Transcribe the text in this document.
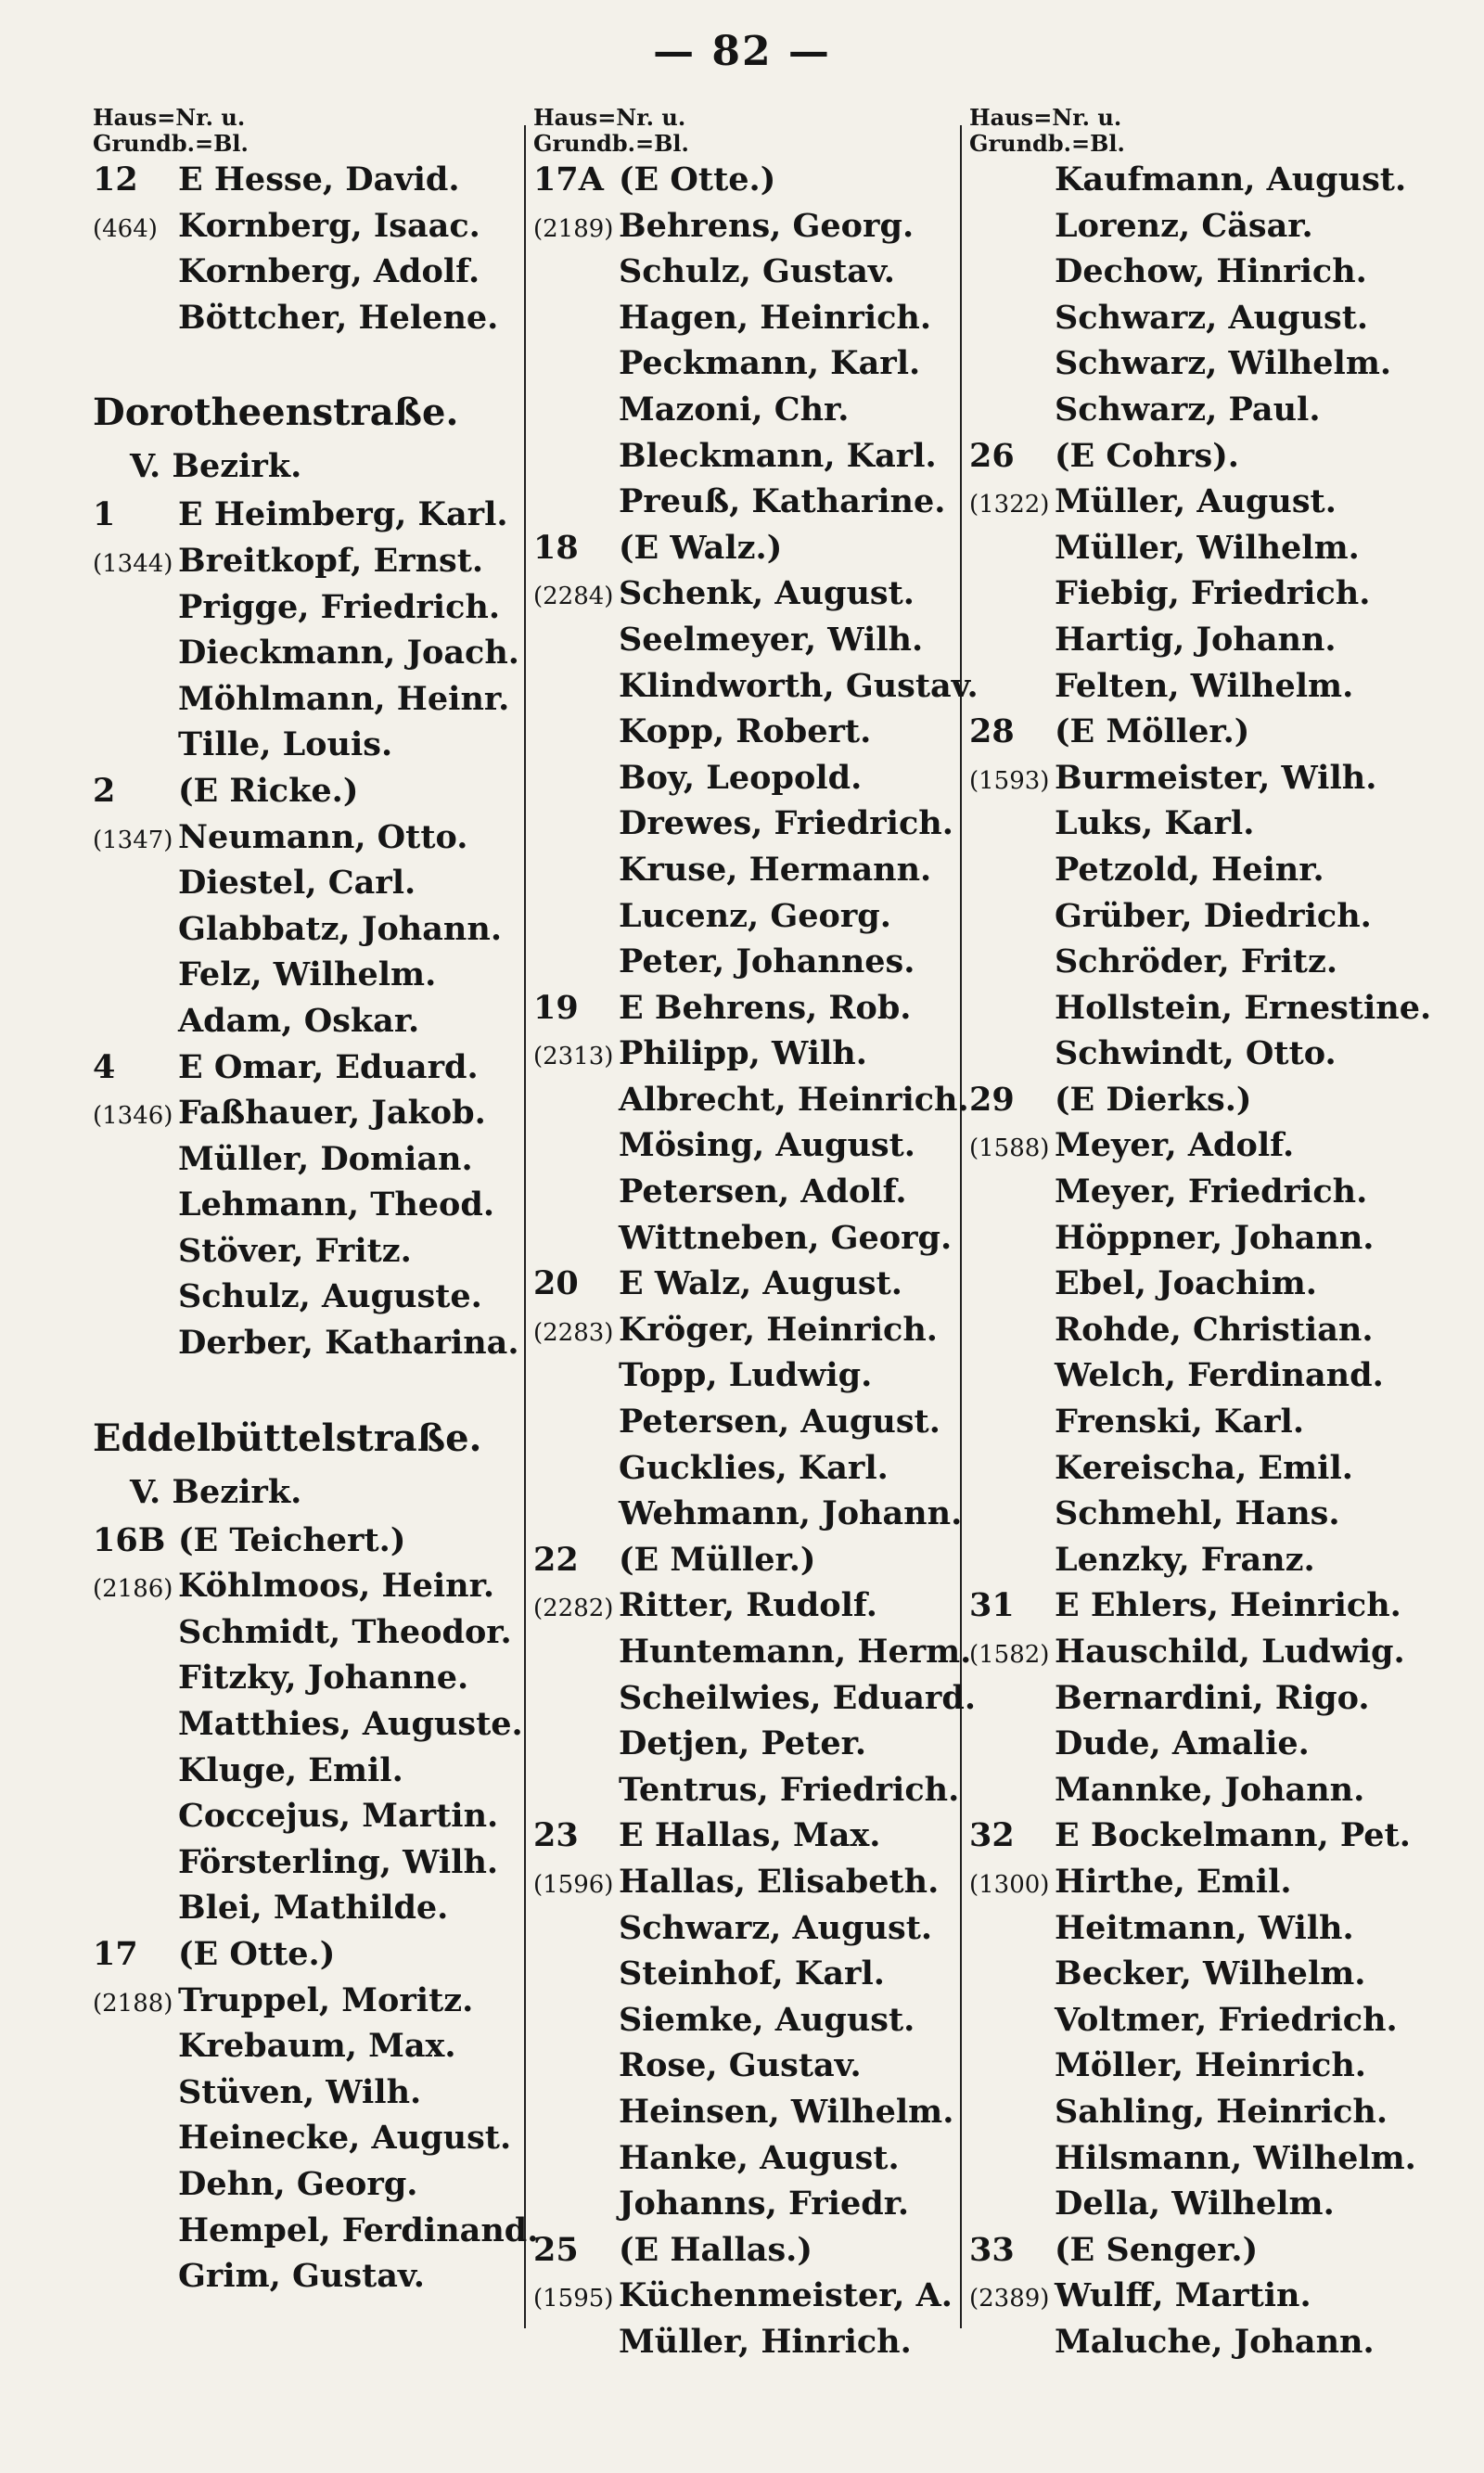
— 82 —
Haus=Nr. u.
Grundb.=Bl.
12 E Hesse, David.
(464) Kornberg, Isaac.
Kornberg, Adolf.
Böttcher, Helene.
Dorotheenstraße.
V. Bezirk.
1 E Heimberg, Karl.
(1344) Breitkopf, Ernst.
Prigge, Friedrich.
Dieckmann, Joach.
Möhlmann, Heinr.
Tille, Louis.
2 (E Ricke.)
(1347) Neumann, Otto.
Diestel, Carl.
Glabbatz, Johann.
Felz, Wilhelm.
Adam, Oskar.
4 E Omar, Eduard.
(1346) Faßhauer, Jakob.
Müller, Domian.
Lehmann, Theod.
Stöver, Fritz.
Schulz, Auguste.
Derber, Katharina.
Eddelbüttelstraße.
V. Bezirk.
16B (E Teichert.)
(2186) Köhlmoos, Heinr.
Schmidt, Theodor.
Fitzky, Johanne.
Matthies, Auguste.
Kluge, Emil.
Coccejus, Martin.
Försterling, Wilh.
Blei, Mathilde.
17 (E Otte.)
(2188) Truppel, Moritz.
Krebaum, Max.
Stüven, Wilh.
Heinecke, August.
Dehn, Georg.
Hempel, Ferdinand.
Grim, Gustav.
Haus=Nr. u.
Grundb.=Bl.
17A (E Otte.)
(2189) Behrens, Georg.
Schulz, Gustav.
Hagen, Heinrich.
Peckmann, Karl.
Mazoni, Chr.
Bleckmann, Karl.
Preuß, Katharine.
18 (E Walz.)
(2284) Schenk, August.
Seelmeyer, Wilh.
Klindworth, Gustav.
Kopp, Robert.
Boy, Leopold.
Drewes, Friedrich.
Kruse, Hermann.
Lucenz, Georg.
Peter, Johannes.
19 E Behrens, Rob.
(2313) Philipp, Wilh.
Albrecht, Heinrich.
Mösing, August.
Petersen, Adolf.
Wittneben, Georg.
20 E Walz, August.
(2283) Kröger, Heinrich.
Topp, Ludwig.
Petersen, August.
Gucklies, Karl.
Wehmann, Johann.
22 (E Müller.)
(2282) Ritter, Rudolf.
Huntemann, Herm.
Scheilwies, Eduard.
Detjen, Peter.
Tentrus, Friedrich.
23 E Hallas, Max.
(1596) Hallas, Elisabeth.
Schwarz, August.
Steinhof, Karl.
Siemke, August.
Rose, Gustav.
Heinsen, Wilhelm.
Hanke, August.
Johanns, Friedr.
25 (E Hallas.)
(1595) Küchenmeister, A.
Müller, Hinrich.
Haus=Nr. u.
Grundb.=Bl.
Kaufmann, August.
Lorenz, Cäsar.
Dechow, Hinrich.
Schwarz, August.
Schwarz, Wilhelm.
Schwarz, Paul.
26 (E Cohrs).
(1322) Müller, August.
Müller, Wilhelm.
Fiebig, Friedrich.
Hartig, Johann.
Felten, Wilhelm.
28 (E Möller.)
(1593) Burmeister, Wilh.
Luks, Karl.
Petzold, Heinr.
Grüber, Diedrich.
Schröder, Fritz.
Hollstein, Ernestine.
Schwindt, Otto.
29 (E Dierks.)
(1588) Meyer, Adolf.
Meyer, Friedrich.
Höppner, Johann.
Ebel, Joachim.
Rohde, Christian.
Welch, Ferdinand.
Frenski, Karl.
Kereischa, Emil.
Schmehl, Hans.
Lenzky, Franz.
31 E Ehlers, Heinrich.
(1582) Hauschild, Ludwig.
Bernardini, Rigo.
Dude, Amalie.
Mannke, Johann.
32 E Bockelmann, Pet.
(1300) Hirthe, Emil.
Heitmann, Wilh.
Becker, Wilhelm.
Voltmer, Friedrich.
Möller, Heinrich.
Sahling, Heinrich.
Hilsmann, Wilhelm.
Della, Wilhelm.
33 (E Senger.)
(2389) Wulff, Martin.
Maluche, Johann.
